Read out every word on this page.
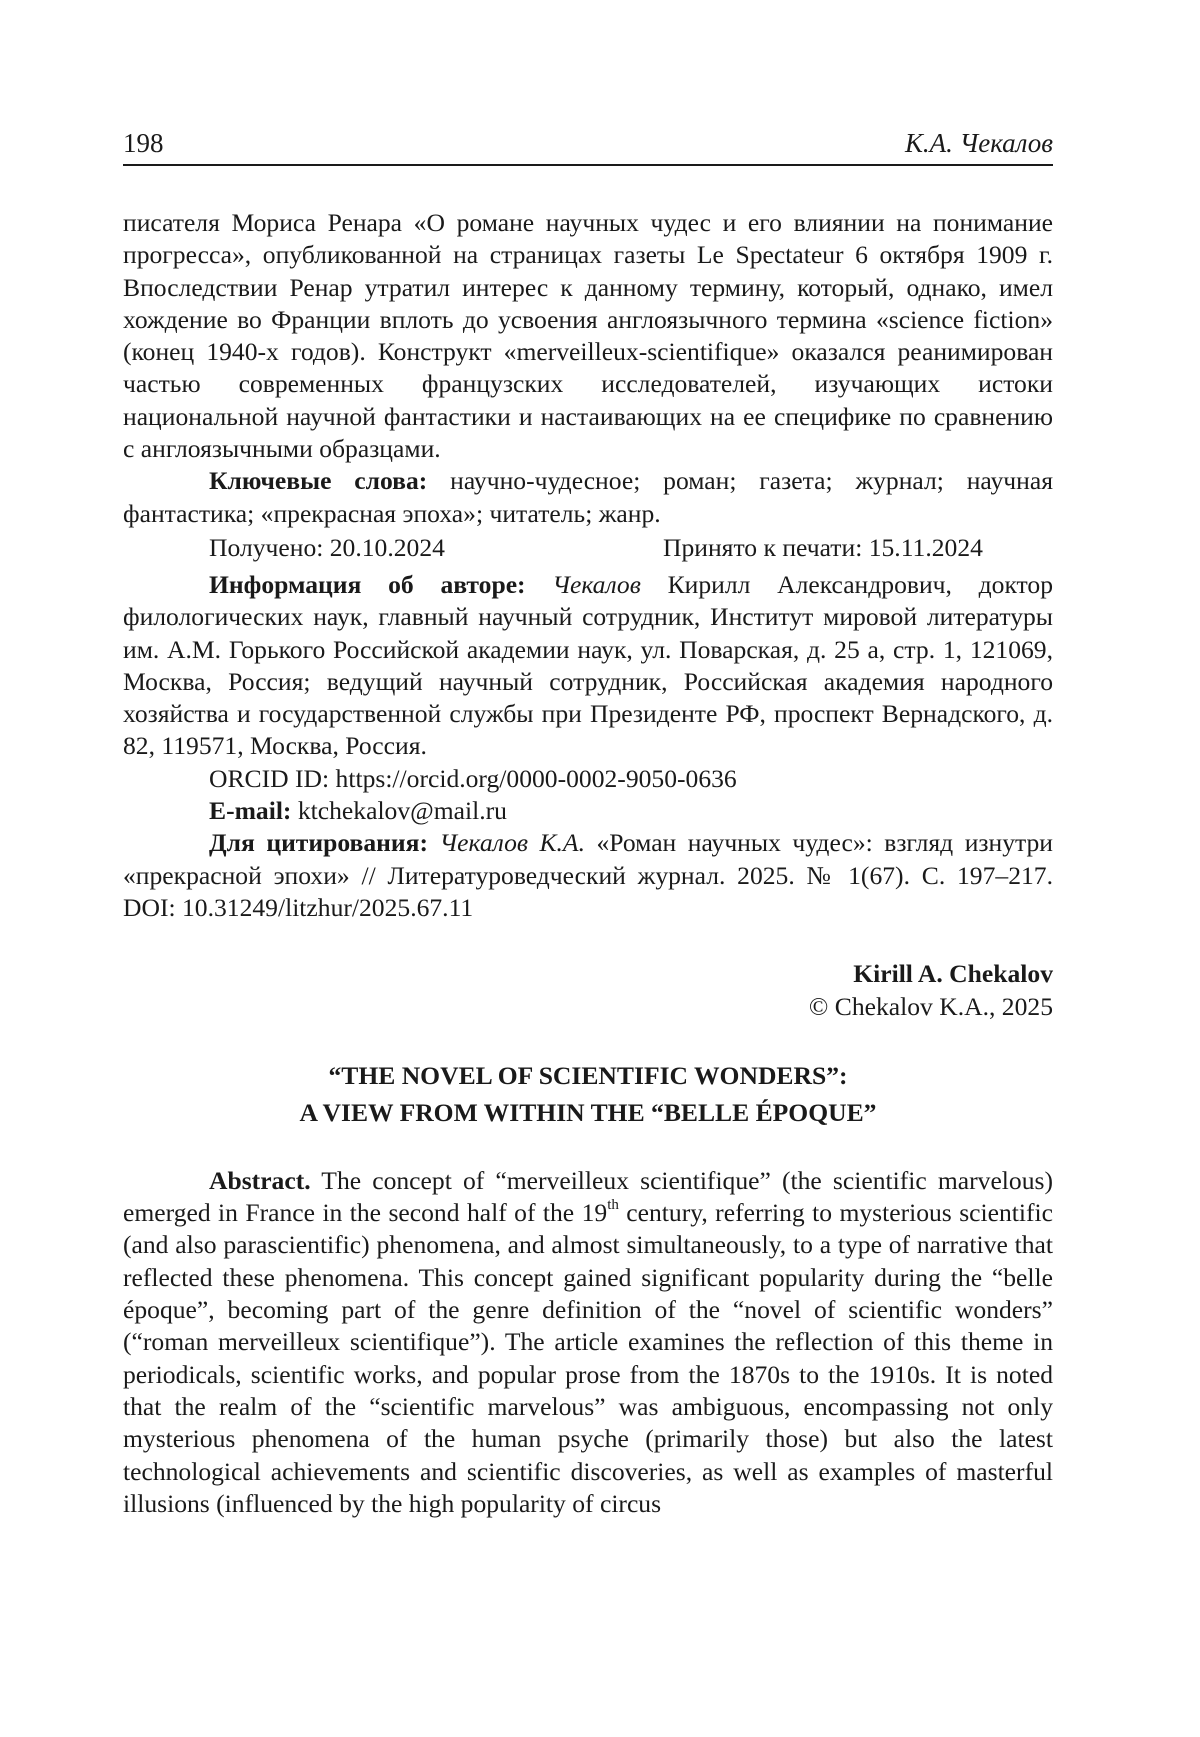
198	К.А. Чекалов

писателя Мориса Ренара «О романе научных чудес и его влиянии на понимание прогресса», опубликованной на страницах газеты Le Spectateur 6 октября 1909 г. Впоследствии Ренар утратил интерес к данному термину, который, однако, имел хождение во Франции вплоть до усвоения англоязычного термина «science fiction» (конец 1940-х годов). Конструкт «merveilleux-scientifique» оказался реанимирован частью современных французских исследователей, изучающих истоки национальной научной фантастики и настаивающих на ее специфике по сравнению с англоязычными образцами.

Ключевые слова: научно-чудесное; роман; газета; журнал; научная фантастика; «прекрасная эпоха»; читатель; жанр.

Получено: 20.10.2024	Принято к печати: 15.11.2024

Информация об авторе: Чекалов Кирилл Александрович, доктор филологических наук, главный научный сотрудник, Институт мировой литературы им. А.М. Горького Российской академии наук, ул. Поварская, д. 25 а, стр. 1, 121069, Москва, Россия; ведущий научный сотрудник, Российская академия народного хозяйства и государственной службы при Президенте РФ, проспект Вернадского, д. 82, 119571, Москва, Россия.

ORCID ID: https://orcid.org/0000-0002-9050-0636

E-mail: ktchekalov@mail.ru

Для цитирования: Чекалов К.А. «Роман научных чудес»: взгляд изнутри «прекрасной эпохи» // Литературоведческий журнал. 2025. № 1(67). С. 197–217. DOI: 10.31249/litzhur/2025.67.11

Kirill A. Chekalov
© Chekalov K.A., 2025
“THE NOVEL OF SCIENTIFIC WONDERS”:
A VIEW FROM WITHIN THE “BELLE ÉPOQUE”

Abstract. The concept of “merveilleux scientifique” (the scientific marvelous) emerged in France in the second half of the 19th century, referring to mysterious scientific (and also parascientific) phenomena, and almost simultaneously, to a type of narrative that reflected these phenomena. This concept gained significant popularity during the “belle époque”, becoming part of the genre definition of the “novel of scientific wonders” (“roman merveilleux scientifique”). The article examines the reflection of this theme in periodicals, scientific works, and popular prose from the 1870s to the 1910s. It is noted that the realm of the “scientific marvelous” was ambiguous, encompassing not only mysterious phenomena of the human psyche (primarily those) but also the latest technological achievements and scientific discoveries, as well as examples of masterful illusions (influenced by the high popularity of circus
